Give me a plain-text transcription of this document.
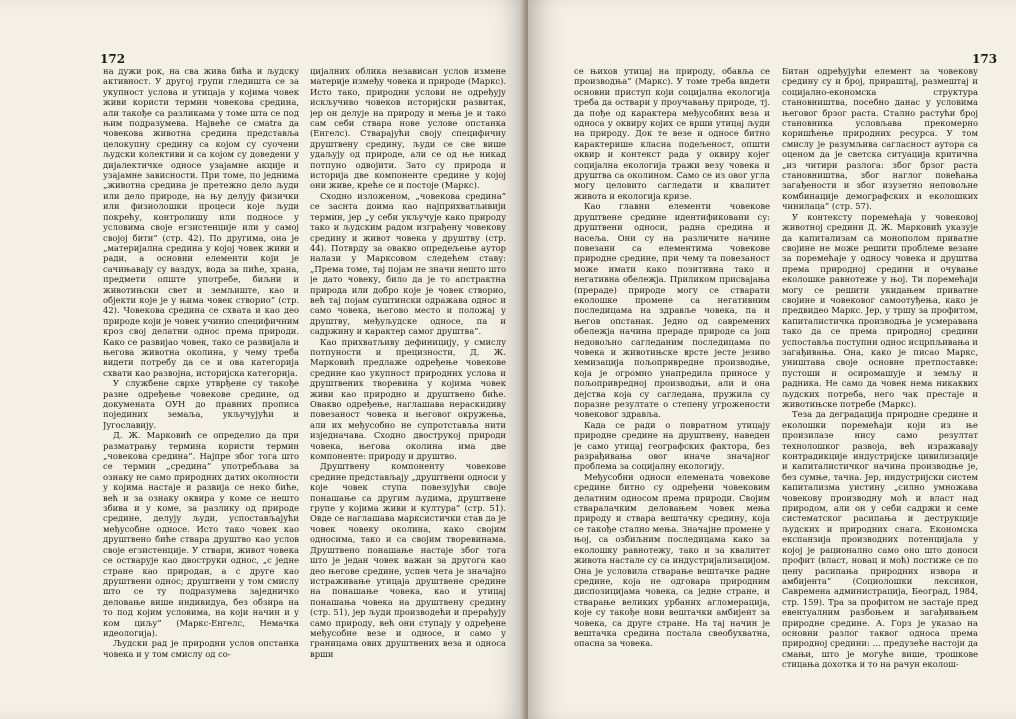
172

на дужи рок, на сва жива бића и људску активност. У другој групи гледишта се за укупност услова и утицаја у којима човек живи користи термин човекова средина, али такође са разликама у томе шта се под њим подразумева. Највеће се смаtra да човекова животна средина представља целокупну средину са којом су суочени људски колективи и са којом су доведени у дијалектичке односе узајамне акције и узајамне зависности. При томе, по једнима „животна средина је претежно дело људи или дело природе, на њу делују физички или физиолошки процеси које људи покрећу, контролишу или подносе у условима своје егзистенције или у самој својој бити” (стр. 42). По другима, она је „материјална средина у којој човек живи и ради, а основни елементи који је сачињавају су ваздух, вода за пиће, храна, предмети општe употребе, биљни и животињски свет и земљиште, као и објекти које је у њима човек створио” (стр. 42). Човекова средина се схвата и као део природе који је човек учинио специфичним кроз свој делатни однос према природи. Како се развијао човек, тако се развијала и његова животна околина, у чему треба видети потребу да се и ова категорија схвати као развојна, историјска категорија.

У службене сврхе утврђене су такође разне одређење човекове средине, од докумената ОУН до правних прописа појединих земаља, укључујући и Југославију.

Д. Ж. Марковић се определио да при разматрању термина користи термин „човекова средина”. Најпре због тога што се термин „средина” употребљава за ознаку не само природних датих околности у којима настаје и развија се неко биће, већ и за ознаку оквира у коме се нешто збива и у коме, за разлику од природе средине, делују људи, успостављајући међусобне односе. Исто тако човек као друштвено биће ствара друштво као услов своје егзистенције. У ствари, живот човека се остварује као двоструки однос, „с једне стране као природан, а с друге као друштвени однос; друштвени у том смислу што се ту подразумева заједничко деловање више индивидуа, без обзира на то под којим условима, на који начин и у ком циљу” (Маркс-Енгелс, Немачка идеологија).

Људски рад је природни услов опстанка човека и у том смислу од со-

цијалних облика независан услов измене материје између човека и природе (Маркс). Исто тако, природни услови не одређују искључиво човеков историјски развитак, јер он делује на природу и мења је и тако сам себи ствара нове услове опстанка (Енгелс). Стварајући своју специфичну друштвену средину, људи се све више удаљују од природе, али се од ње никад потпуно одвојити. Зато су природа и историја две компоненте средине у којој они живе, креће се и постоје (Маркс).

Сходно изложеном, „човекова средина” се заснта доима као најприхватљивији термин, јер „у себи укључује како природу тако и људским радом изграђену човекову средину и живот човека у друштву (стр. 44). Потврду за овакво опредељење аутор налази у Марксовом следећем ставу: „Према томе, тај појам не значи нешто што је дато човеку, било да је то апстрактна природа или добро које је човек створио, већ тај појам суштински одражава однос и само човека, његово место и положај у друштву, међуљудске односе, па и садржину и карактер самог друштва”.

Као прихватљиву дефиницију, у смислу потпуности и прецизности, Д. Ж. Марковић предлаже одређење човекове средине као укупност природних услова и друштвених творевина у којима човек живи као природно и друштвено биће. Овакво одређење, наглашава нераскидиву повезаност човека и његовог окружења, али их међусобно не супротставља нити изједначава. Сходно двострукој природи човека, његова околина има две компоненте: природу и друштво.

Друштвену компоненту човекове средине представљају „друштвени односи у које човек ступа повезујући своје понашање са другим људима, друштвене групе у којима живи и култура” (стр. 51). Овде се наглашава марксистички став да је човек човеку околина, како својим односима, тако и са својим творевинама. Друштвено понашање настаје због тога што је један човек важан за другога као део његове средине, успев четa је значајно истраживање утицаја друштвене средине на понашање човека, као и утицај понашања човека на друштвену средину (стр. 51), јер људи производећи и прерађују само природу, већ они ступају у одређене међусобне везе и односе, и само у границама ових друштвених веза и односа врши

173

се њихов утицај на природу, обавља се производња” (Маркс). У томе треба видети основни приступ који социјална екологија треба да оствари у проучавању природе, тј. да пође од карактера међусобних веза и односа у оквиру којих се врши утицај људи на природу. Док те везе и односе битно карактерише класна подељеност, општи оквир и контекст рада у оквиру којег социјална екологија тражи везу човека и друштва са околином. Само се из овог угла могу целовито сагледати и квалитет живота и екологија кризе.

Као главни елементи човекове друштвене средине идентификовани су: друштвени односи, радна средина и насеља. Они су на различите начине повезани са елементима човекове природне средине, при чему та повезаност може имати како позитивна тако и негативна обележја. Приликом присвајања (прераде) природе могу се стварати еколошке промене са негативним последицама на здравље човека, па и његов опстанак. Једно од савремених обележја начина прераде природе са још недовољно сагледаним последицама по човека и животињске врсте јесте језиво хемизација пољопривредне производње, која је огромно унапредила приносе у пољопривредној производњи, али и она дејства која су сагледана, пружила су поразне резултате о степену угрожености човековог здравља.

Када се ради о повратном утицају природне средине на друштвену, наведен је само утицај географских фактора, без разрађивања овог иначе значајног проблема за социјалну екологију.

Међусобни односи елемената човекове средине битно су одређени човековим делатним односом према природи. Својим стваралачким деловањем човек мења природу и ствара вештачку средину, која се такође сталнo мења. Значајне промене у њој, са озбиљним последицама како за еколошку равнотежу, тако и за квалитет живота настале су са индустријализацијом. Она је условила стварање вештачке радне средине, која не одговара природним диспозицијама човека, са једне стране, и стварање великих урбаних агломерација, које су такође нови вештачки амбијент за човека, са друге стране. На тај начин је вештачка средина постала свеобухватна, опасна за човека.

Битан одређујући елемент за човекову средину су и број, прираштај, размештај и социјално-економска структура становништва, посебно данас у условима његовог брзог раста. Стално растући број становника условљава прекомерно коришћење природних ресурса. У том смислу је разумљива сагласност аутора са оценом да је светска ситуација критична „из читири разлога: због брзог раста становништва, због наглог повећања загађености и због изузетно неповољне комбинације демографских и еколошких чинилаца” (стр. 57).

У контексту поремећаја у човековој животној средини Д. Ж. Марковић указује да капитализам са монополом приватне својине не може решити проблеме везане за поремећаје у односу човека и друштва према природној средини и очување еколошке равнотеже у њој. Ти поремећаји могу се решити укидањем приватне својине и човековог самоотуђења, како је предвидео Маркс. Јер, у тршу за профитом, капиталистичка производња је усмеравана тако да се према природној средини успоставља поступни однос исцрпљивања и загађивања. Она, како је писао Маркс, уништава своје основне претпоставке: пустоши и осиромашује и земљу и радника. Не само да човек нема никаквих људских потреба, него чак престаје и животињске потребе (Маркс).

Теза да деградација природне средине и еколошки поремећаји који из ње произилазе нису само резултат технолошког развоја, већ изражавају контрадикције индустријске цивилизације и капиталистичког начина производње је, без сумње, тачна. Јер, индустријски систем капитализма уистину „силно умножава човекову производну моћ и власт над природом, али он у себи садржи и семе систематског расипања и деструкције људских и природних снага. Економска експанзија производних потенцијала у којој је рационално само оно што доноси профит (власт, новац и моћ) постиже се по цену расипања природних извора и амбијента” (Социолошки лексикон, Савремена администрација, Београд, 1984, стр. 159). Тра за профитом не застаје пред евентуалним разбоњем и загађивањем природне средине. А. Горз је указао на основни разлог таквог односа према природној средини: ... предузеће настоји да смањи, што је могуће више, трошкове стицања дохотка и то на рачун еколош-
